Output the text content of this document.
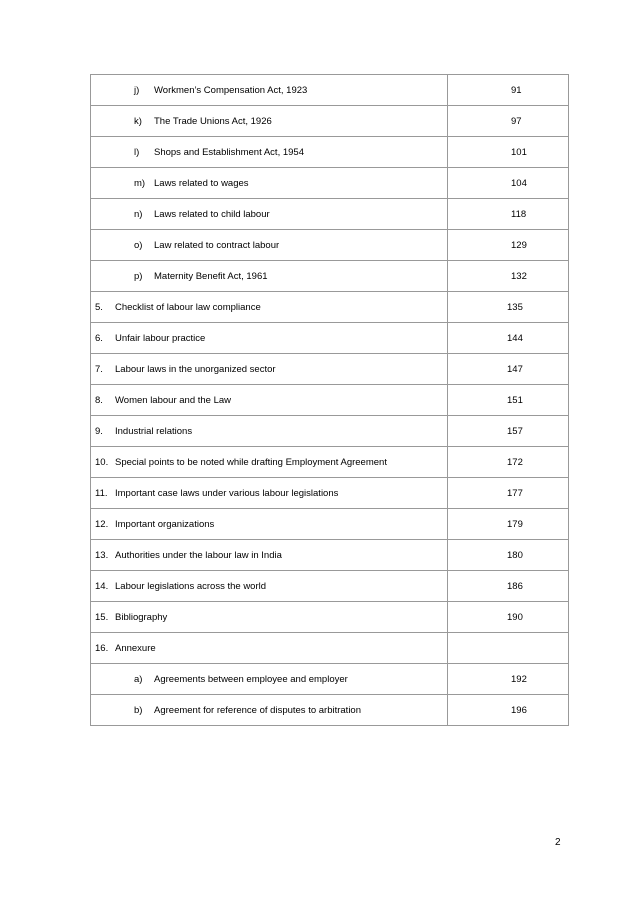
j) Workmen’s Compensation Act, 1923	91
k) The Trade Unions Act, 1926	97
l) Shops and Establishment Act, 1954	101
m) Laws related to wages	104
n) Laws related to child labour	118
o) Law related to contract labour	129
p) Maternity Benefit Act, 1961	132
5. Checklist of labour law compliance	135
6. Unfair labour practice	144
7. Labour laws in the unorganized sector	147
8. Women labour and the Law	151
9. Industrial relations	157
10. Special points to be noted while drafting Employment Agreement	172
11. Important case laws under various labour legislations	177
12. Important organizations	179
13. Authorities under the labour law in India	180
14. Labour legislations across the world	186
15. Bibliography	190
16. Annexure	
a) Agreements between employee and employer	192
b) Agreement for reference of disputes to arbitration	196
2
